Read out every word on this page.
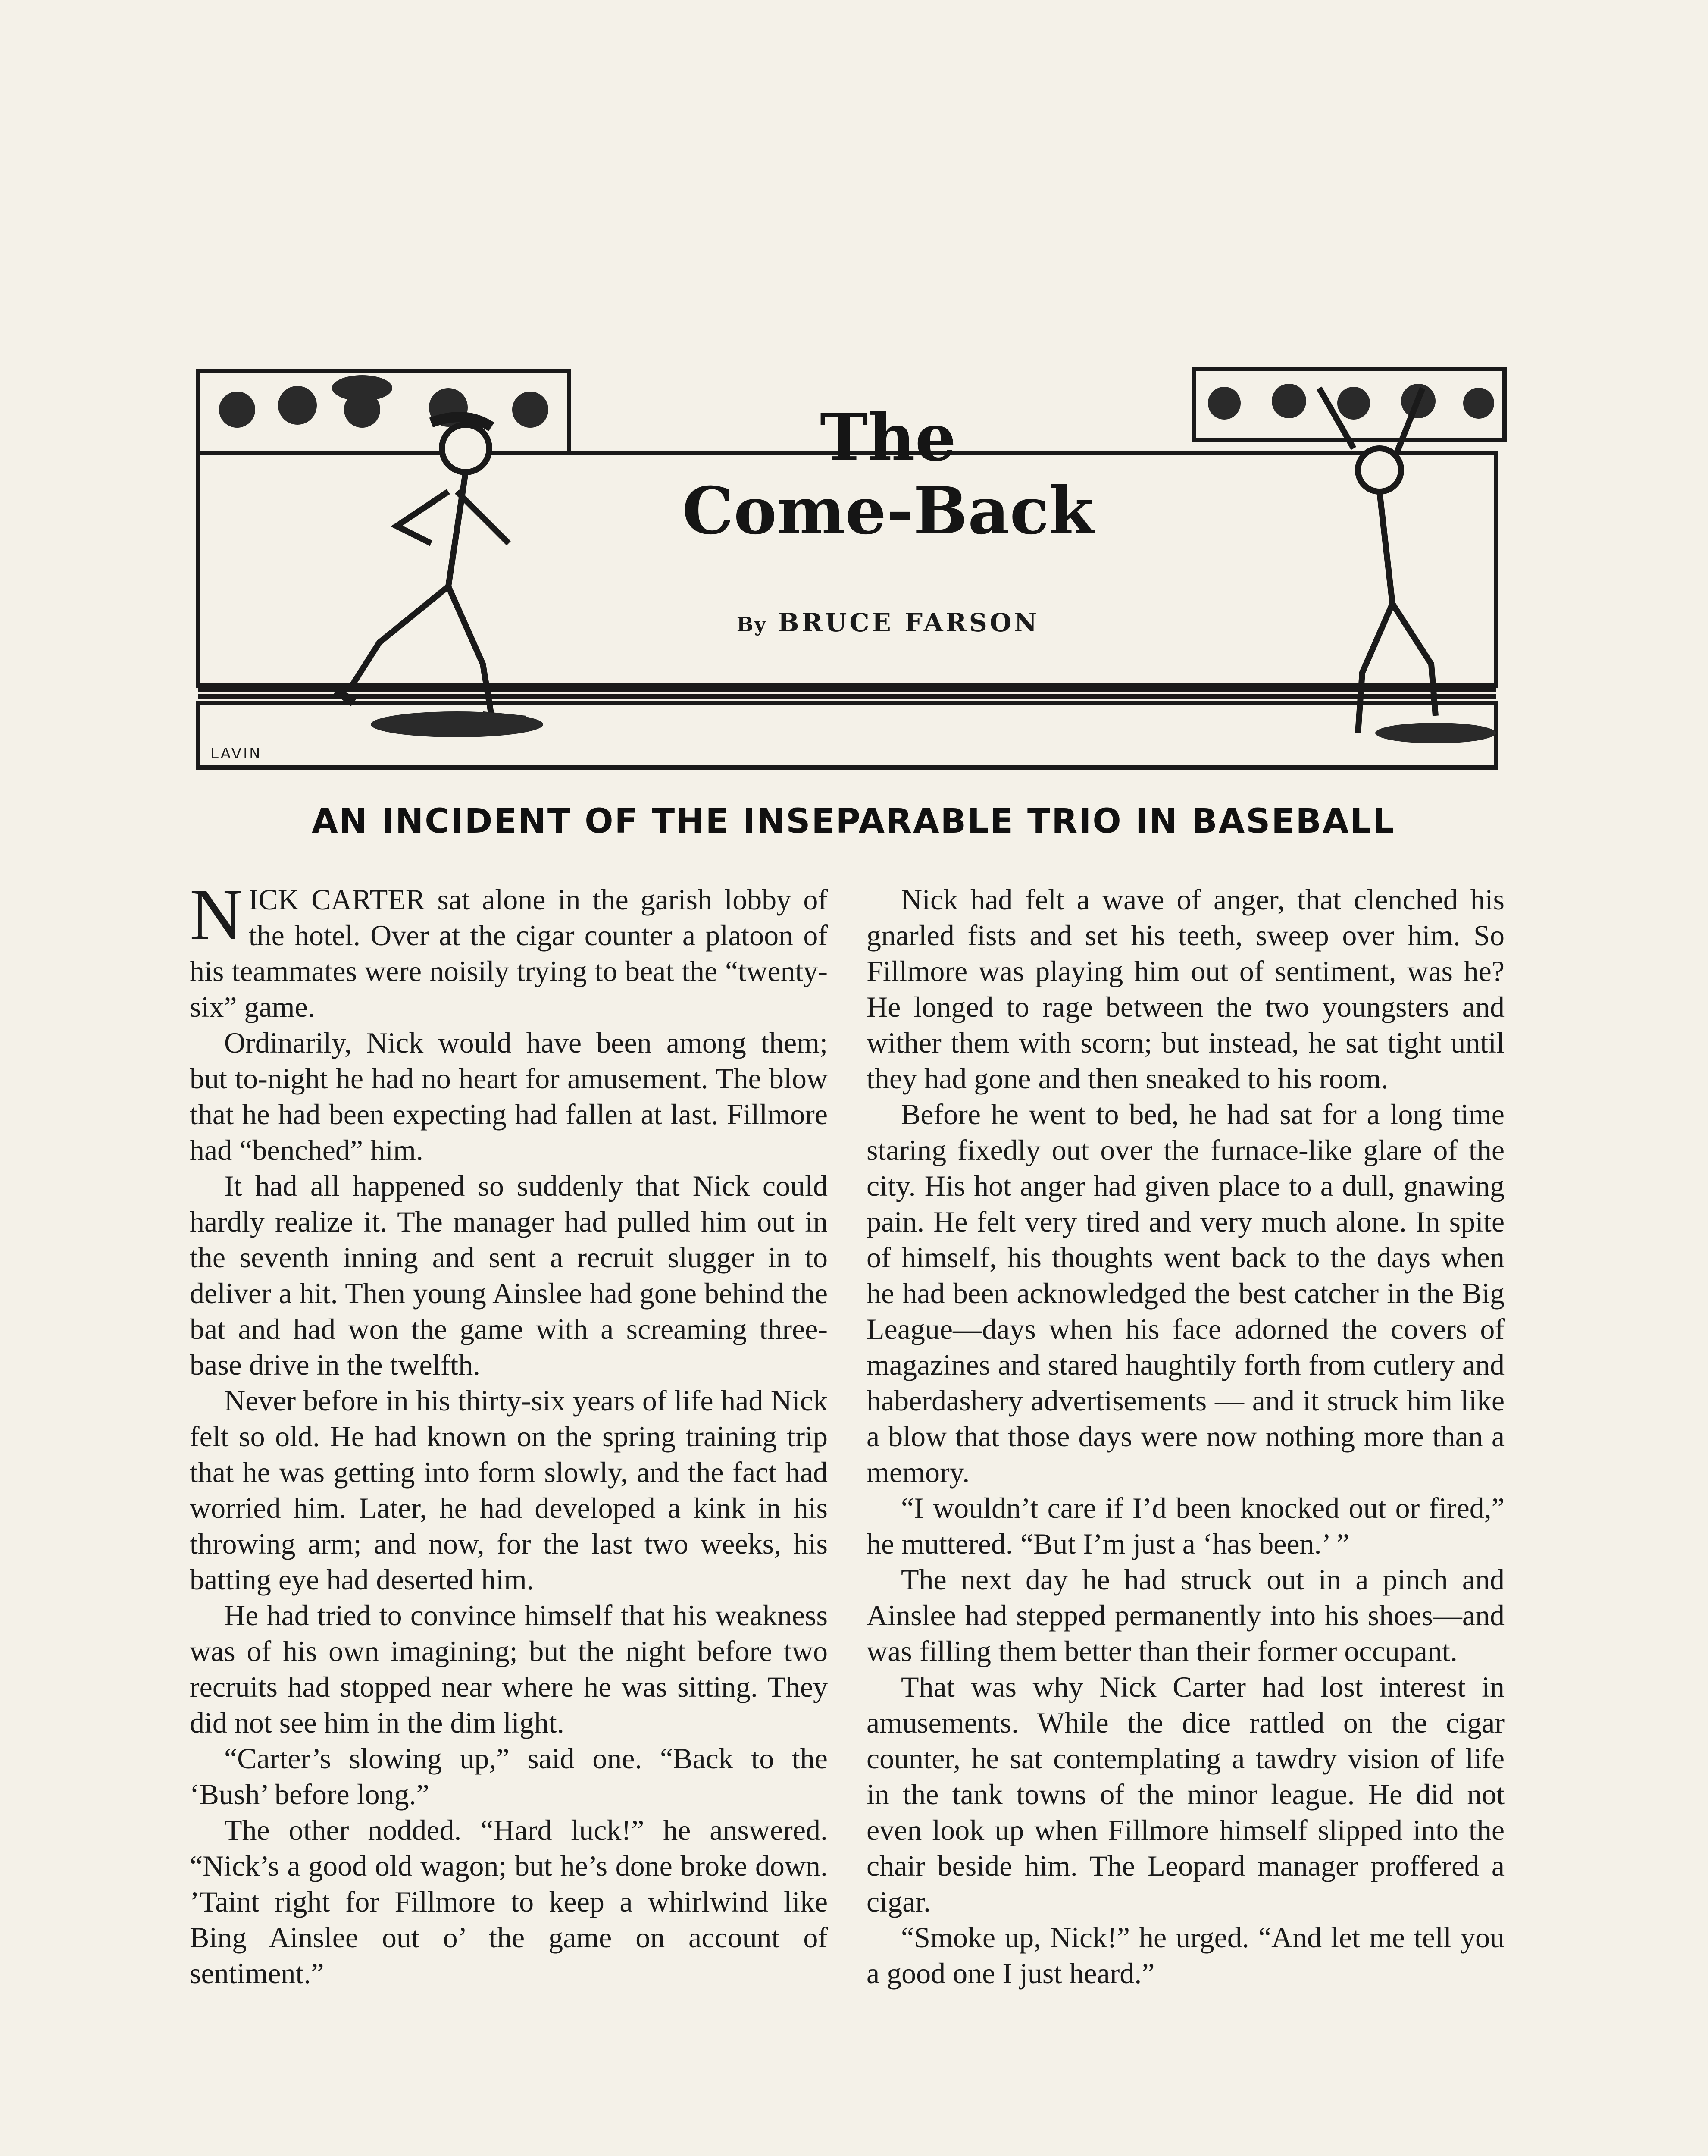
The
Come-Back
By BRUCE FARSON
LAVIN
AN INCIDENT OF THE INSEPARABLE TRIO IN BASEBALL

NICK CARTER sat alone in the garish lobby of the hotel. Over at the cigar counter a platoon of his teammates were noisily trying to beat the “twenty-six” game.

Ordinarily, Nick would have been among them; but to-night he had no heart for amusement. The blow that he had been expecting had fallen at last. Fillmore had “benched” him.

It had all happened so suddenly that Nick could hardly realize it. The manager had pulled him out in the seventh inning and sent a recruit slugger in to deliver a hit. Then young Ainslee had gone behind the bat and had won the game with a screaming three-base drive in the twelfth.

Never before in his thirty-six years of life had Nick felt so old. He had known on the spring training trip that he was getting into form slowly, and the fact had worried him. Later, he had developed a kink in his throwing arm; and now, for the last two weeks, his batting eye had deserted him.

He had tried to convince himself that his weakness was of his own imagining; but the night before two recruits had stopped near where he was sitting. They did not see him in the dim light.

“Carter’s slowing up,” said one. “Back to the ‘Bush’ before long.”

The other nodded. “Hard luck!” he answered. “Nick’s a good old wagon; but he’s done broke down. ’Taint right for Fillmore to keep a whirlwind like Bing Ainslee out o’ the game on account of sentiment.”

Nick had felt a wave of anger, that clenched his gnarled fists and set his teeth, sweep over him. So Fillmore was playing him out of sentiment, was he? He longed to rage between the two youngsters and wither them with scorn; but instead, he sat tight until they had gone and then sneaked to his room.

Before he went to bed, he had sat for a long time staring fixedly out over the furnace-like glare of the city. His hot anger had given place to a dull, gnawing pain. He felt very tired and very much alone. In spite of himself, his thoughts went back to the days when he had been acknowledged the best catcher in the Big League—days when his face adorned the covers of magazines and stared haughtily forth from cutlery and haberdashery advertisements — and it struck him like a blow that those days were now nothing more than a memory.

“I wouldn’t care if I’d been knocked out or fired,” he muttered. “But I’m just a ‘has been.’ ”

The next day he had struck out in a pinch and Ainslee had stepped permanently into his shoes—and was filling them better than their former occupant.

That was why Nick Carter had lost interest in amusements. While the dice rattled on the cigar counter, he sat contemplating a tawdry vision of life in the tank towns of the minor league. He did not even look up when Fillmore himself slipped into the chair beside him. The Leopard manager proffered a cigar.

“Smoke up, Nick!” he urged. “And let me tell you a good one I just heard.”
